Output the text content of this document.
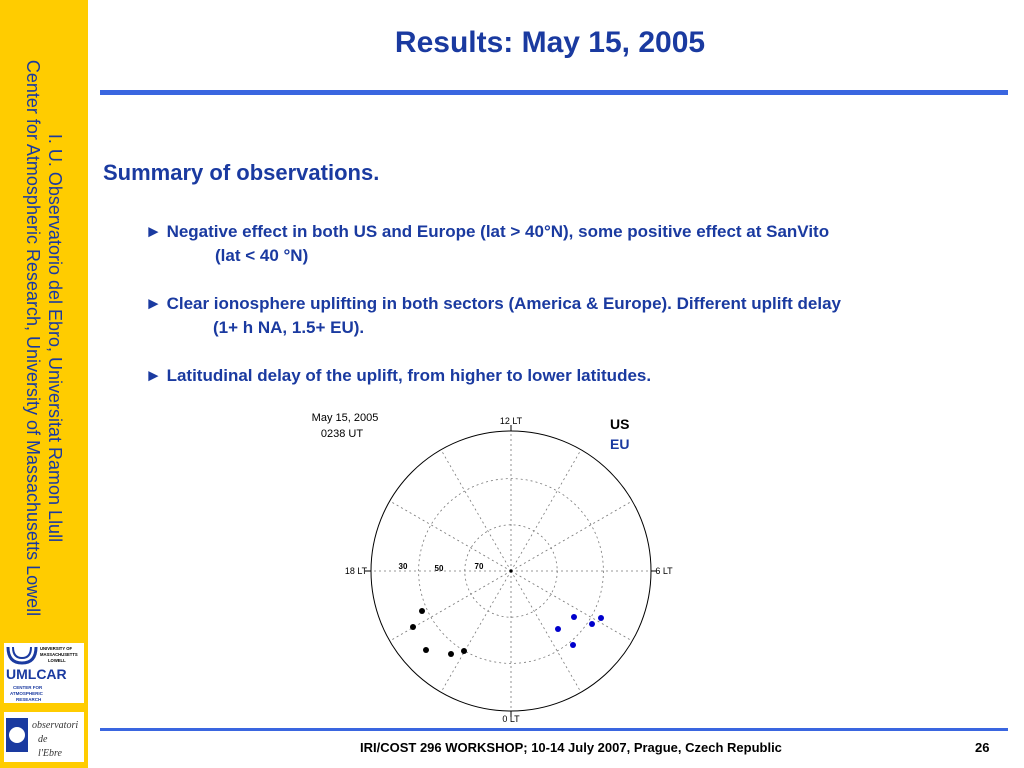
I. U. Observatorio del Ebro, Universitat Ramon Llull
Center for Atmospheric Research, University of Massachusetts Lowell
UNIVERSITY OF
MASSACHUSETTS
LOWELL
UMLCAR
CENTER FOR
ATMOSPHERIC
RESEARCH
observatori
de
l'Ebre
Results: May 15, 2005
Summary of observations.
► Negative effect in both US and Europe (lat > 40°N), some positive effect at SanVito
(lat < 40 °N)
► Clear ionosphere uplifting in both sectors (America & Europe). Different uplift delay
(1+ h NA, 1.5+ EU).
► Latitudinal delay of the uplift, from higher to lower latitudes.
May 15, 2005
0238 UT
12 LT
6 LT
0 LT
18 LT	30	50	70
US
EU
IRI/COST 296 WORKSHOP; 10-14 July 2007, Prague, Czech Republic	26
